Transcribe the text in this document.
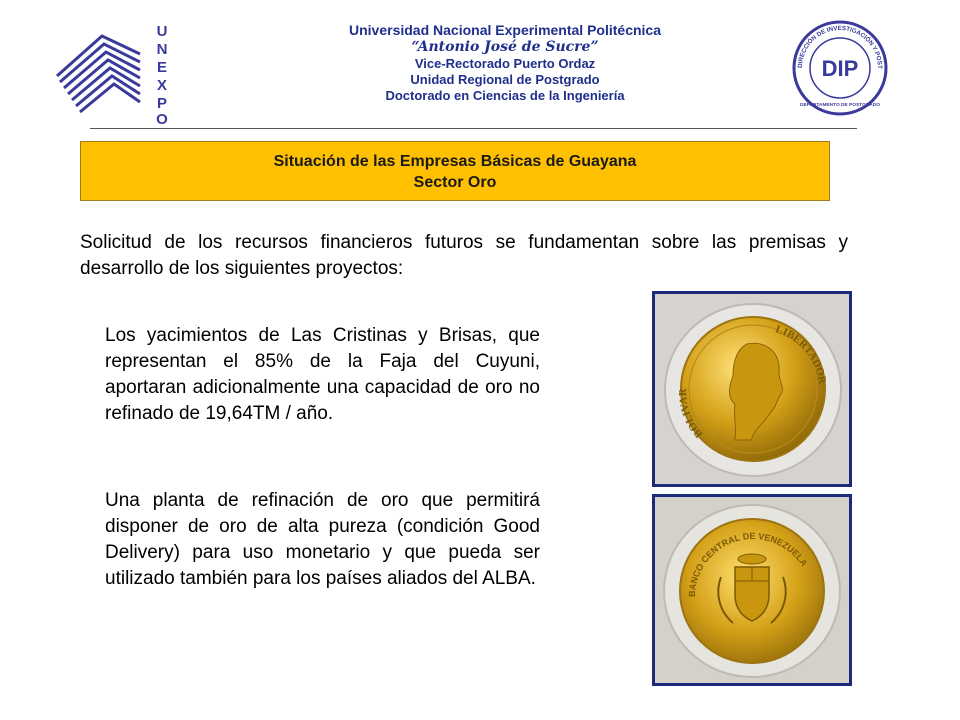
U
N
E
X
P
O
Universidad Nacional Experimental Politécnica
“Antonio José de Sucre”
Vice-Rectorado Puerto Ordaz
Unidad Regional de Postgrado
Doctorado en Ciencias de la Ingeniería
DIRECCIÓN DE INVESTIGACIÓN Y POST
DIP
DEPARTAMENTO DE POSTGRADO
Situación de las Empresas Básicas de Guayana
Sector Oro
Solicitud de los recursos financieros futuros se fundamentan sobre las premisas y desarrollo de los siguientes proyectos:
Los yacimientos de Las Cristinas y Brisas, que representan el 85% de la Faja del Cuyuni, aportaran adicionalmente una capacidad de oro no refinado de 19,64TM / año.
Una planta de refinación de oro que permitirá disponer de oro de alta pureza (condición Good Delivery) para uso monetario y que pueda ser utilizado también para los países aliados del ALBA.
BOLIVAR
LIBERTADOR
BANCO CENTRAL DE VENEZUELA
